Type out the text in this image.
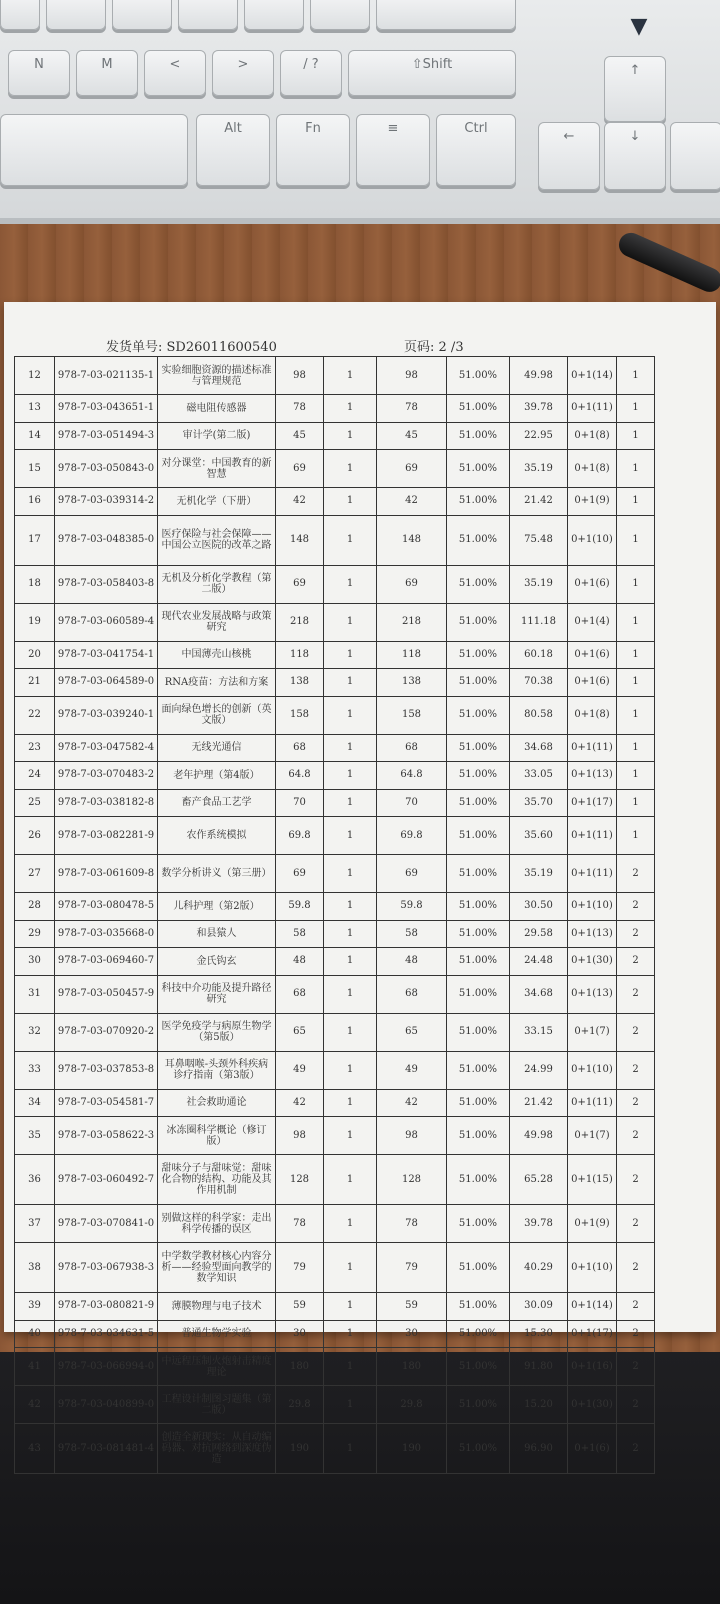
N	M	<	>	/ ?	⇧Shift
Alt	Fn	≡	Ctrl
↑
←	↓
▼
发货单号: SD26011600540	页码: 2 /3
12	978-7-03-021135-1	实验细胞资源的描述标准与管理规范	98	1	98	51.00%	49.98	0+1(14)	1
13	978-7-03-043651-1	磁电阻传感器	78	1	78	51.00%	39.78	0+1(11)	1
14	978-7-03-051494-3	审计学(第二版)	45	1	45	51.00%	22.95	0+1(8)	1
15	978-7-03-050843-0	对分课堂：中国教育的新智慧	69	1	69	51.00%	35.19	0+1(8)	1
16	978-7-03-039314-2	无机化学（下册）	42	1	42	51.00%	21.42	0+1(9)	1
17	978-7-03-048385-0	医疗保险与社会保障——中国公立医院的改革之路	148	1	148	51.00%	75.48	0+1(10)	1
18	978-7-03-058403-8	无机及分析化学教程（第二版）	69	1	69	51.00%	35.19	0+1(6)	1
19	978-7-03-060589-4	现代农业发展战略与政策研究	218	1	218	51.00%	111.18	0+1(4)	1
20	978-7-03-041754-1	中国薄壳山核桃	118	1	118	51.00%	60.18	0+1(6)	1
21	978-7-03-064589-0	RNA疫苗：方法和方案	138	1	138	51.00%	70.38	0+1(6)	1
22	978-7-03-039240-1	面向绿色增长的创新（英文版）	158	1	158	51.00%	80.58	0+1(8)	1
23	978-7-03-047582-4	无线光通信	68	1	68	51.00%	34.68	0+1(11)	1
24	978-7-03-070483-2	老年护理（第4版）	64.8	1	64.8	51.00%	33.05	0+1(13)	1
25	978-7-03-038182-8	畜产食品工艺学	70	1	70	51.00%	35.70	0+1(17)	1
26	978-7-03-082281-9	农作系统模拟	69.8	1	69.8	51.00%	35.60	0+1(11)	1
27	978-7-03-061609-8	数学分析讲义（第三册）	69	1	69	51.00%	35.19	0+1(11)	2
28	978-7-03-080478-5	儿科护理（第2版）	59.8	1	59.8	51.00%	30.50	0+1(10)	2
29	978-7-03-035668-0	和县猿人	58	1	58	51.00%	29.58	0+1(13)	2
30	978-7-03-069460-7	金氏钩玄	48	1	48	51.00%	24.48	0+1(30)	2
31	978-7-03-050457-9	科技中介功能及提升路径研究	68	1	68	51.00%	34.68	0+1(13)	2
32	978-7-03-070920-2	医学免疫学与病原生物学（第5版）	65	1	65	51.00%	33.15	0+1(7)	2
33	978-7-03-037853-8	耳鼻咽喉-头颈外科疾病诊疗指南（第3版）	49	1	49	51.00%	24.99	0+1(10)	2
34	978-7-03-054581-7	社会救助通论	42	1	42	51.00%	21.42	0+1(11)	2
35	978-7-03-058622-3	冰冻圈科学概论（修订版）	98	1	98	51.00%	49.98	0+1(7)	2
36	978-7-03-060492-7	甜味分子与甜味觉：甜味化合物的结构、功能及其作用机制	128	1	128	51.00%	65.28	0+1(15)	2
37	978-7-03-070841-0	别做这样的科学家：走出科学传播的误区	78	1	78	51.00%	39.78	0+1(9)	2
38	978-7-03-067938-3	中学数学教材核心内容分析——经验型面向教学的数学知识	79	1	79	51.00%	40.29	0+1(10)	2
39	978-7-03-080821-9	薄膜物理与电子技术	59	1	59	51.00%	30.09	0+1(14)	2
40	978-7-03-034631-5	普通生物学实验	30	1	30	51.00%	15.30	0+1(17)	2
41	978-7-03-066994-0	中远程压制火炮射击精度理论	180	1	180	51.00%	91.80	0+1(16)	2
42	978-7-03-040899-0	工程设计制图习题集（第二版）	29.8	1	29.8	51.00%	15.20	0+1(30)	2
43	978-7-03-081481-4	创造全新现实：从自动编码器、对抗网络到深度伪造	190	1	190	51.00%	96.90	0+1(6)	2
